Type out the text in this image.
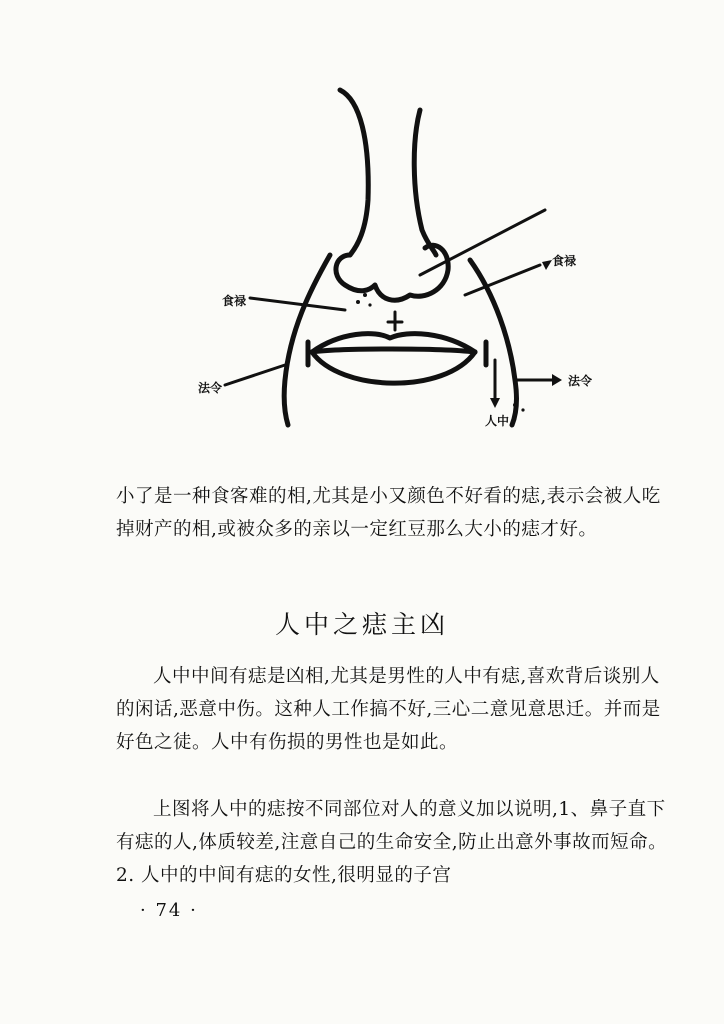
食禄
食禄
法令	法令
人中

小了是一种食客难的相,尤其是小又颜色不好看的痣,表示会被人吃掉财产的相,或被众多的亲以一定红豆那么大小的痣才好。

人中之痣主凶

人中中间有痣是凶相,尤其是男性的人中有痣,喜欢背后谈别人的闲话,恶意中伤。这种人工作搞不好,三心二意见意思迁。并而是好色之徒。人中有伤损的男性也是如此。

上图将人中的痣按不同部位对人的意义加以说明,1、鼻子直下有痣的人,体质较差,注意自己的生命安全,防止出意外事故而短命。2. 人中的中间有痣的女性,很明显的子宫

· 74 ·
